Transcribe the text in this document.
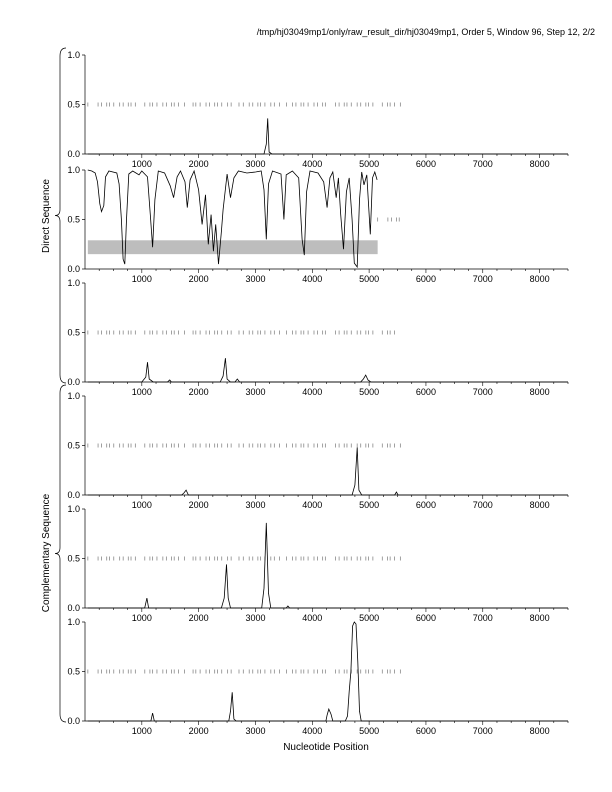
/tmp/hj03049mp1/only/raw_result_dir/hj03049mp1, Order 5, Window 96, Step 12, 2/2
0.0
0.5
1.0
1000	2000	3000	4000	5000	6000	7000	8000
0.0
0.5
1.0
1000	2000	3000	4000	5000	6000	7000	8000
0.0
0.5
1.0
1000	2000	3000	4000	5000	6000	7000	8000
0.0
0.5
1.0
1000	2000	3000	4000	5000	6000	7000	8000
0.0
0.5
1.0
1000	2000	3000	4000	5000	6000	7000	8000
0.0
0.5
1.0
1000	2000	3000	4000	5000	6000	7000	8000
Nucleotide Position
Direct Sequence
Complementary Sequence
